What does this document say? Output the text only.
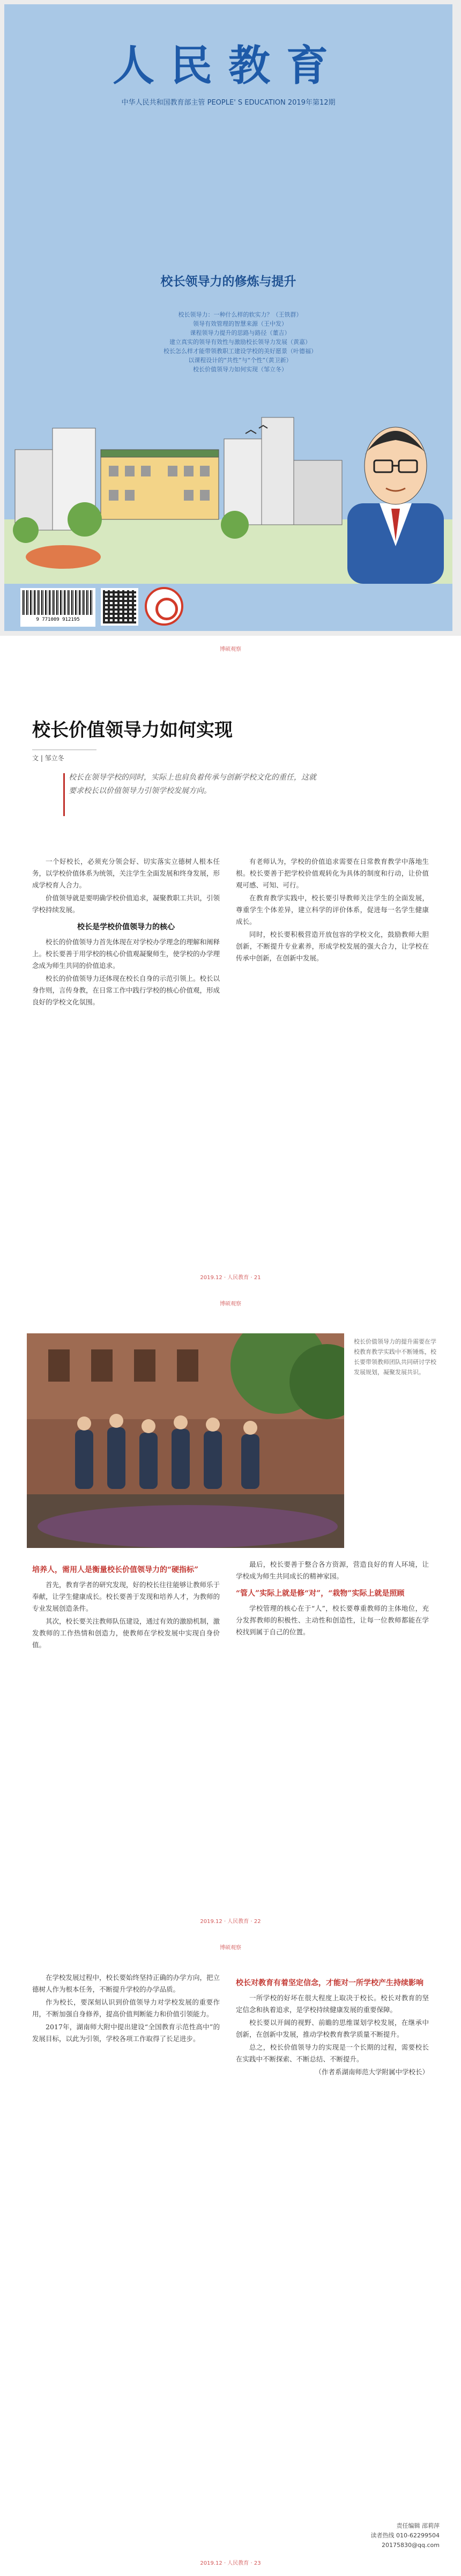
人民教育
中华人民共和国教育部主管 PEOPLE' S EDUCATION 2019年第12期
校长领导力的修炼与提升
校长领导力：一种什么样的软实力？（王铁群）
领导有效管理的智慧来源（王中发）
课程领导力提升的思路与路径（董吉）
建立真实的领导有效性与激励校长领导力发展（黄嘉）
校长怎么样才能带领教职工建设学校的美好愿景（叶德福）
以课程设计的“共性”与“个性”（黄卫新）
校长价值领导力如何实现（邹立冬）
9 771009 912195
博硕观察
校长价值领导力如何实现
文 | 邹立冬
校长在领导学校的同时，实际上也肩负着传承与创新学校文化的重任，这就要求校长以价值领导力引领学校发展方向。

一个好校长，必须充分领会好、切实落实立德树人根本任务，以学校价值体系为统领，关注学生全面发展和终身发展，形成学校育人合力。

价值领导就是要明确学校价值追求，凝聚教职工共识，引领学校持续发展。

校长是学校价值领导力的核心

校长的价值领导力首先体现在对学校办学理念的理解和阐释上。校长要善于用学校的核心价值观凝聚师生，使学校的办学理念成为师生共同的价值追求。

校长的价值领导力还体现在校长自身的示范引领上。校长以身作则，言传身教，在日常工作中践行学校的核心价值观，形成良好的学校文化氛围。

有老师认为，学校的价值追求需要在日常教育教学中落地生根。校长要善于把学校价值观转化为具体的制度和行动，让价值观可感、可知、可行。

在教育教学实践中，校长要引导教师关注学生的全面发展，尊重学生个体差异，建立科学的评价体系，促进每一名学生健康成长。

同时，校长要积极营造开放包容的学校文化，鼓励教师大胆创新，不断提升专业素养，形成学校发展的强大合力，让学校在传承中创新，在创新中发展。

2019.12 · 人民教育 · 21
博硕观察
校长价值领导力的提升需要在学校教育教学实践中不断锤炼，校长要带领教师团队共同研讨学校发展规划，凝聚发展共识。
培养人，需用人是衡量校长价值领导力的“硬指标”

首先，教育学者的研究发现，好的校长往往能够让教师乐于奉献，让学生健康成长。校长要善于发现和培养人才，为教师的专业发展创造条件。

其次，校长要关注教师队伍建设，通过有效的激励机制，激发教师的工作热情和创造力，使教师在学校发展中实现自身价值。

最后，校长要善于整合各方资源，营造良好的育人环境，让学校成为师生共同成长的精神家园。

“管人”实际上就是修“对”，“栽物”实际上就是照顾

学校管理的核心在于“人”，校长要尊重教师的主体地位，充分发挥教师的积极性、主动性和创造性，让每一位教师都能在学校找到属于自己的位置。

2019.12 · 人民教育 · 22
博硕观察

在学校发展过程中，校长要始终坚持正确的办学方向，把立德树人作为根本任务，不断提升学校的办学品质。

作为校长，要深刻认识到价值领导力对学校发展的重要作用，不断加强自身修养，提高价值判断能力和价值引领能力。

2017年，湖南师大附中提出建设“全国教育示范性高中”的发展目标，以此为引领，学校各项工作取得了长足进步。

校长对教育有着坚定信念，才能对一所学校产生持续影响

一所学校的好坏在很大程度上取决于校长。校长对教育的坚定信念和执着追求，是学校持续健康发展的重要保障。

校长要以开阔的视野、前瞻的思维谋划学校发展，在继承中创新，在创新中发展，推动学校教育教学质量不断提升。

总之，校长价值领导力的实现是一个长期的过程，需要校长在实践中不断探索、不断总结、不断提升。

（作者系湖南师范大学附属中学校长）

责任编辑 邵莉萍
读者热线 010-62299504
20175830@qq.com
2019.12 · 人民教育 · 23
